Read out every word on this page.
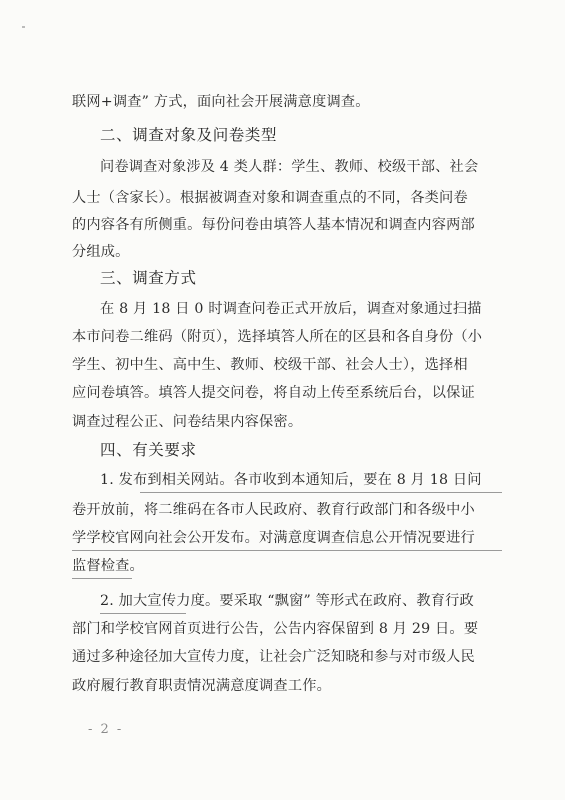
联网+调查” 方式，面向社会开展满意度调查。
二、调查对象及问卷类型
问卷调查对象涉及 4 类人群：学生、教师、校级干部、社会
人士（含家长）。根据被调查对象和调查重点的不同，各类问卷
的内容各有所侧重。每份问卷由填答人基本情况和调查内容两部
分组成。
三、调查方式
在 8 月 18 日 0 时调查问卷正式开放后，调查对象通过扫描
本市问卷二维码（附页），选择填答人所在的区县和各自身份（小
学生、初中生、高中生、教师、校级干部、社会人士），选择相
应问卷填答。填答人提交问卷，将自动上传至系统后台，以保证
调查过程公正、问卷结果内容保密。
四、有关要求
1. 发布到相关网站。各市收到本通知后，要在 8 月 18 日问
卷开放前，将二维码在各市人民政府、教育行政部门和各级中小
学学校官网向社会公开发布。对满意度调查信息公开情况要进行
监督检查。
2. 加大宣传力度。要采取 “飘窗” 等形式在政府、教育行政
部门和学校官网首页进行公告，公告内容保留到 8 月 29 日。要
通过多种途径加大宣传力度，让社会广泛知晓和参与对市级人民
政府履行教育职责情况满意度调查工作。
- 2 -
